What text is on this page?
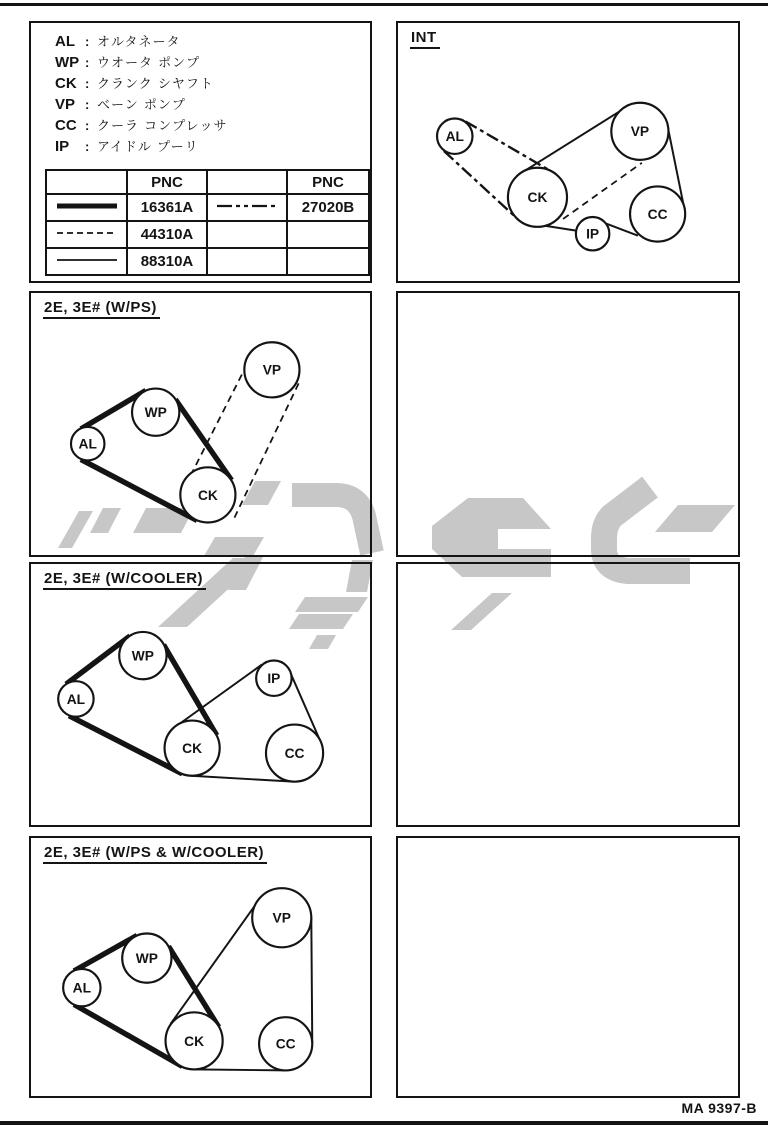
AL : オルタネータ
WP : ウオータ ポンプ
CK : クランク シヤフト
VP : ベーン ポンプ
CC : クーラ コンプレッサ
IP	: アイドル プーリ
	PNC		PNC
	16361A		27020B
	44310A		
	88310A		
AL	VP
CK
IP
CC
INT
VP
WP
AL
CK
2E, 3E# (W/PS)
WP
AL
IP
CK	CC
2E, 3E# (W/COOLER)
VP
WP
AL
CK	CC
2E, 3E# (W/PS & W/COOLER)
MA 9397-B
